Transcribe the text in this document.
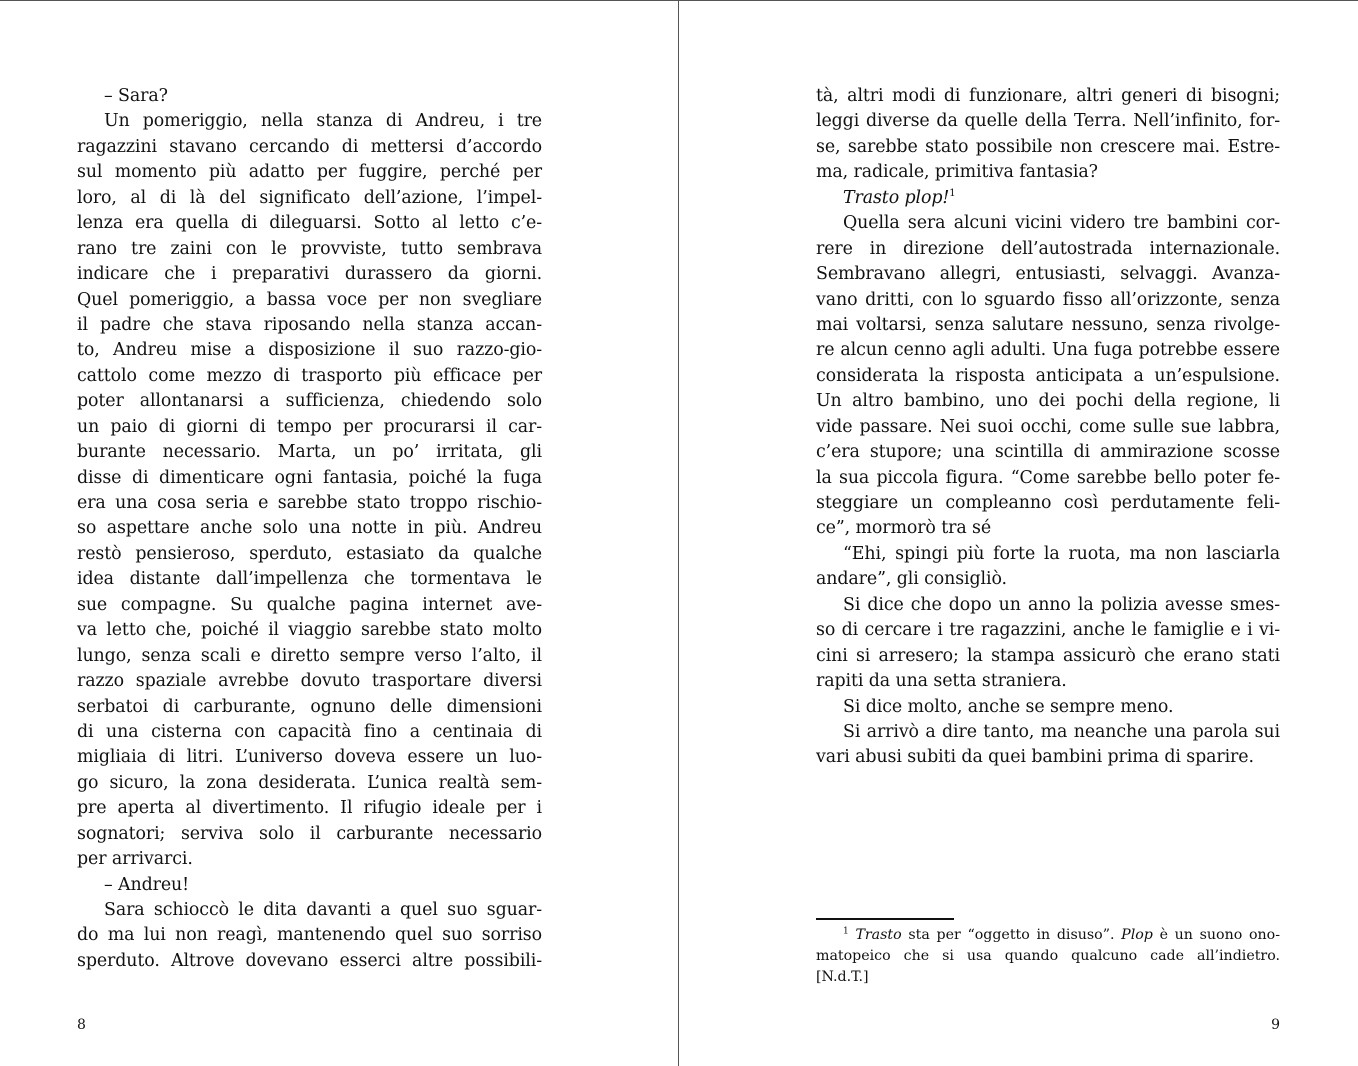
– Sara?
Un pomeriggio, nella stanza di Andreu, i tre
ragazzini stavano cercando di mettersi d’accordo
sul momento più adatto per fuggire, perché per
loro, al di là del significato dell’azione, l’impel-
lenza era quella di dileguarsi. Sotto al letto c’e-
rano tre zaini con le provviste, tutto sembrava
indicare che i preparativi durassero da giorni.
Quel pomeriggio, a bassa voce per non svegliare
il padre che stava riposando nella stanza accan-
to, Andreu mise a disposizione il suo razzo-gio-
cattolo come mezzo di trasporto più efficace per
poter allontanarsi a sufficienza, chiedendo solo
un paio di giorni di tempo per procurarsi il car-
burante necessario. Marta, un po’ irritata, gli
disse di dimenticare ogni fantasia, poiché la fuga
era una cosa seria e sarebbe stato troppo rischio-
so aspettare anche solo una notte in più. Andreu
restò pensieroso, sperduto, estasiato da qualche
idea distante dall’impellenza che tormentava le
sue compagne. Su qualche pagina internet ave-
va letto che, poiché il viaggio sarebbe stato molto
lungo, senza scali e diretto sempre verso l’alto, il
razzo spaziale avrebbe dovuto trasportare diversi
serbatoi di carburante, ognuno delle dimensioni
di una cisterna con capacità fino a centinaia di
migliaia di litri. L’universo doveva essere un luo-
go sicuro, la zona desiderata. L’unica realtà sem-
pre aperta al divertimento. Il rifugio ideale per i
sognatori; serviva solo il carburante necessario
per arrivarci.
– Andreu!
Sara schioccò le dita davanti a quel suo sguar-
do ma lui non reagì, mantenendo quel suo sorriso
sperduto. Altrove dovevano esserci altre possibili-
8
tà, altri modi di funzionare, altri generi di bisogni;
leggi diverse da quelle della Terra. Nell’infinito, for-
se, sarebbe stato possibile non crescere mai. Estre-
ma, radicale, primitiva fantasia?
Trasto plop!$^1$
Quella sera alcuni vicini videro tre bambini cor-
rere in direzione dell’autostrada internazionale.
Sembravano allegri, entusiasti, selvaggi. Avanza-
vano dritti, con lo sguardo fisso all’orizzonte, senza
mai voltarsi, senza salutare nessuno, senza rivolge-
re alcun cenno agli adulti. Una fuga potrebbe essere
considerata la risposta anticipata a un’espulsione.
Un altro bambino, uno dei pochi della regione, li
vide passare. Nei suoi occhi, come sulle sue labbra,
c’era stupore; una scintilla di ammirazione scosse
la sua piccola figura. “Come sarebbe bello poter fe-
steggiare un compleanno così perdutamente feli-
ce”, mormorò tra sé
“Ehi, spingi più forte la ruota, ma non lasciarla
andare”, gli consigliò.
Si dice che dopo un anno la polizia avesse smes-
so di cercare i tre ragazzini, anche le famiglie e i vi-
cini si arresero; la stampa assicurò che erano stati
rapiti da una setta straniera.
Si dice molto, anche se sempre meno.
Si arrivò a dire tanto, ma neanche una parola sui
vari abusi subiti da quei bambini prima di sparire.
$^1$ Trasto sta per “oggetto in disuso”. Plop è un suono ono-
matopeico che si usa quando qualcuno cade all’indietro.
[N.d.T.]
9
